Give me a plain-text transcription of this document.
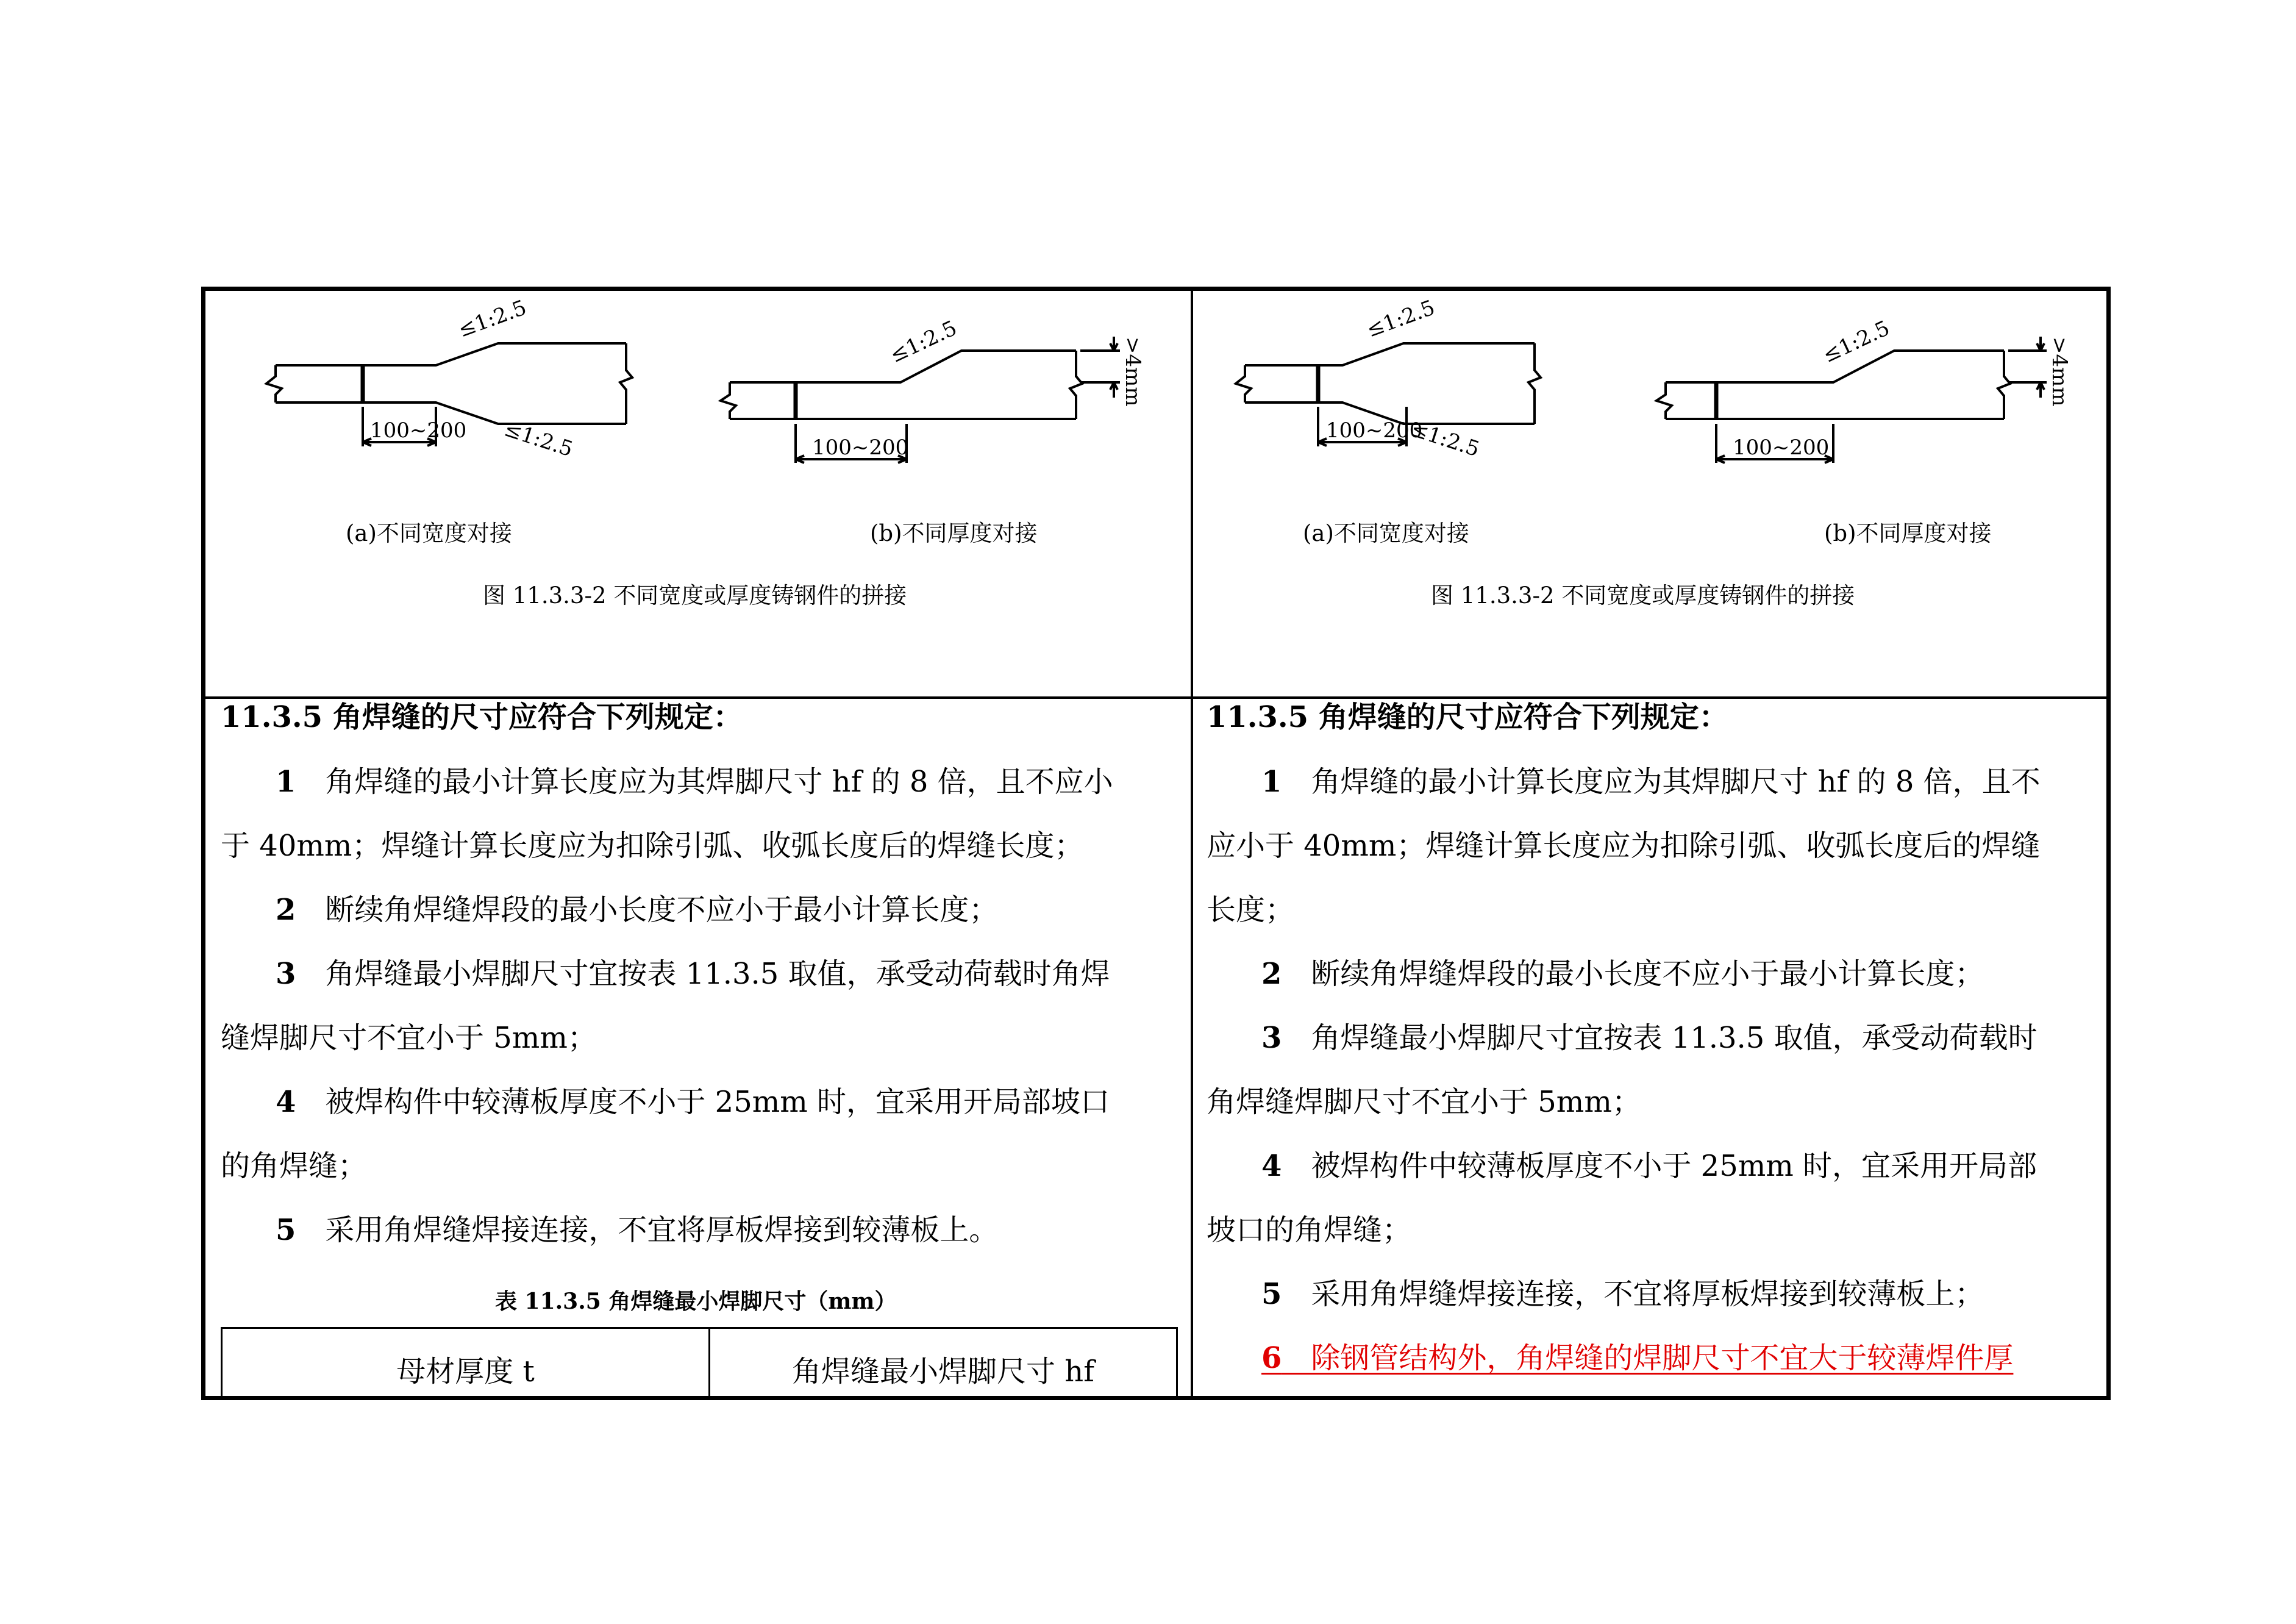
≤1:2.5
≤1:2.5
100~200
≤1:2.5
100~200
>4mm
(a)不同宽度对接	(b)不同厚度对接
图 11.3.3-2 不同宽度或厚度铸钢件的拼接
≤1:2.5
≤1:2.5
100~200
≤1:2.5
100~200
>4mm
(a)不同宽度对接	(b)不同厚度对接
图 11.3.3-2 不同宽度或厚度铸钢件的拼接
11.3.5 角焊缝的尺寸应符合下列规定：
1　角焊缝的最小计算长度应为其焊脚尺寸 hf 的 8 倍，且不应小
于 40mm；焊缝计算长度应为扣除引弧、收弧长度后的焊缝长度；
2　断续角焊缝焊段的最小长度不应小于最小计算长度；
3　角焊缝最小焊脚尺寸宜按表 11.3.5 取值，承受动荷载时角焊
缝焊脚尺寸不宜小于 5mm；
4　被焊构件中较薄板厚度不小于 25mm 时，宜采用开局部坡口
的角焊缝；
5　采用角焊缝焊接连接，不宜将厚板焊接到较薄板上。
表 11.3.5 角焊缝最小焊脚尺寸（mm）
母材厚度 t	角焊缝最小焊脚尺寸 hf
11.3.5 角焊缝的尺寸应符合下列规定：
1　角焊缝的最小计算长度应为其焊脚尺寸 hf 的 8 倍，且不
应小于 40mm；焊缝计算长度应为扣除引弧、收弧长度后的焊缝
长度；
2　断续角焊缝焊段的最小长度不应小于最小计算长度；
3　角焊缝最小焊脚尺寸宜按表 11.3.5 取值，承受动荷载时
角焊缝焊脚尺寸不宜小于 5mm；
4　被焊构件中较薄板厚度不小于 25mm 时，宜采用开局部
坡口的角焊缝；
5　采用角焊缝焊接连接，不宜将厚板焊接到较薄板上；
6　除钢管结构外，角焊缝的焊脚尺寸不宜大于较薄焊件厚
